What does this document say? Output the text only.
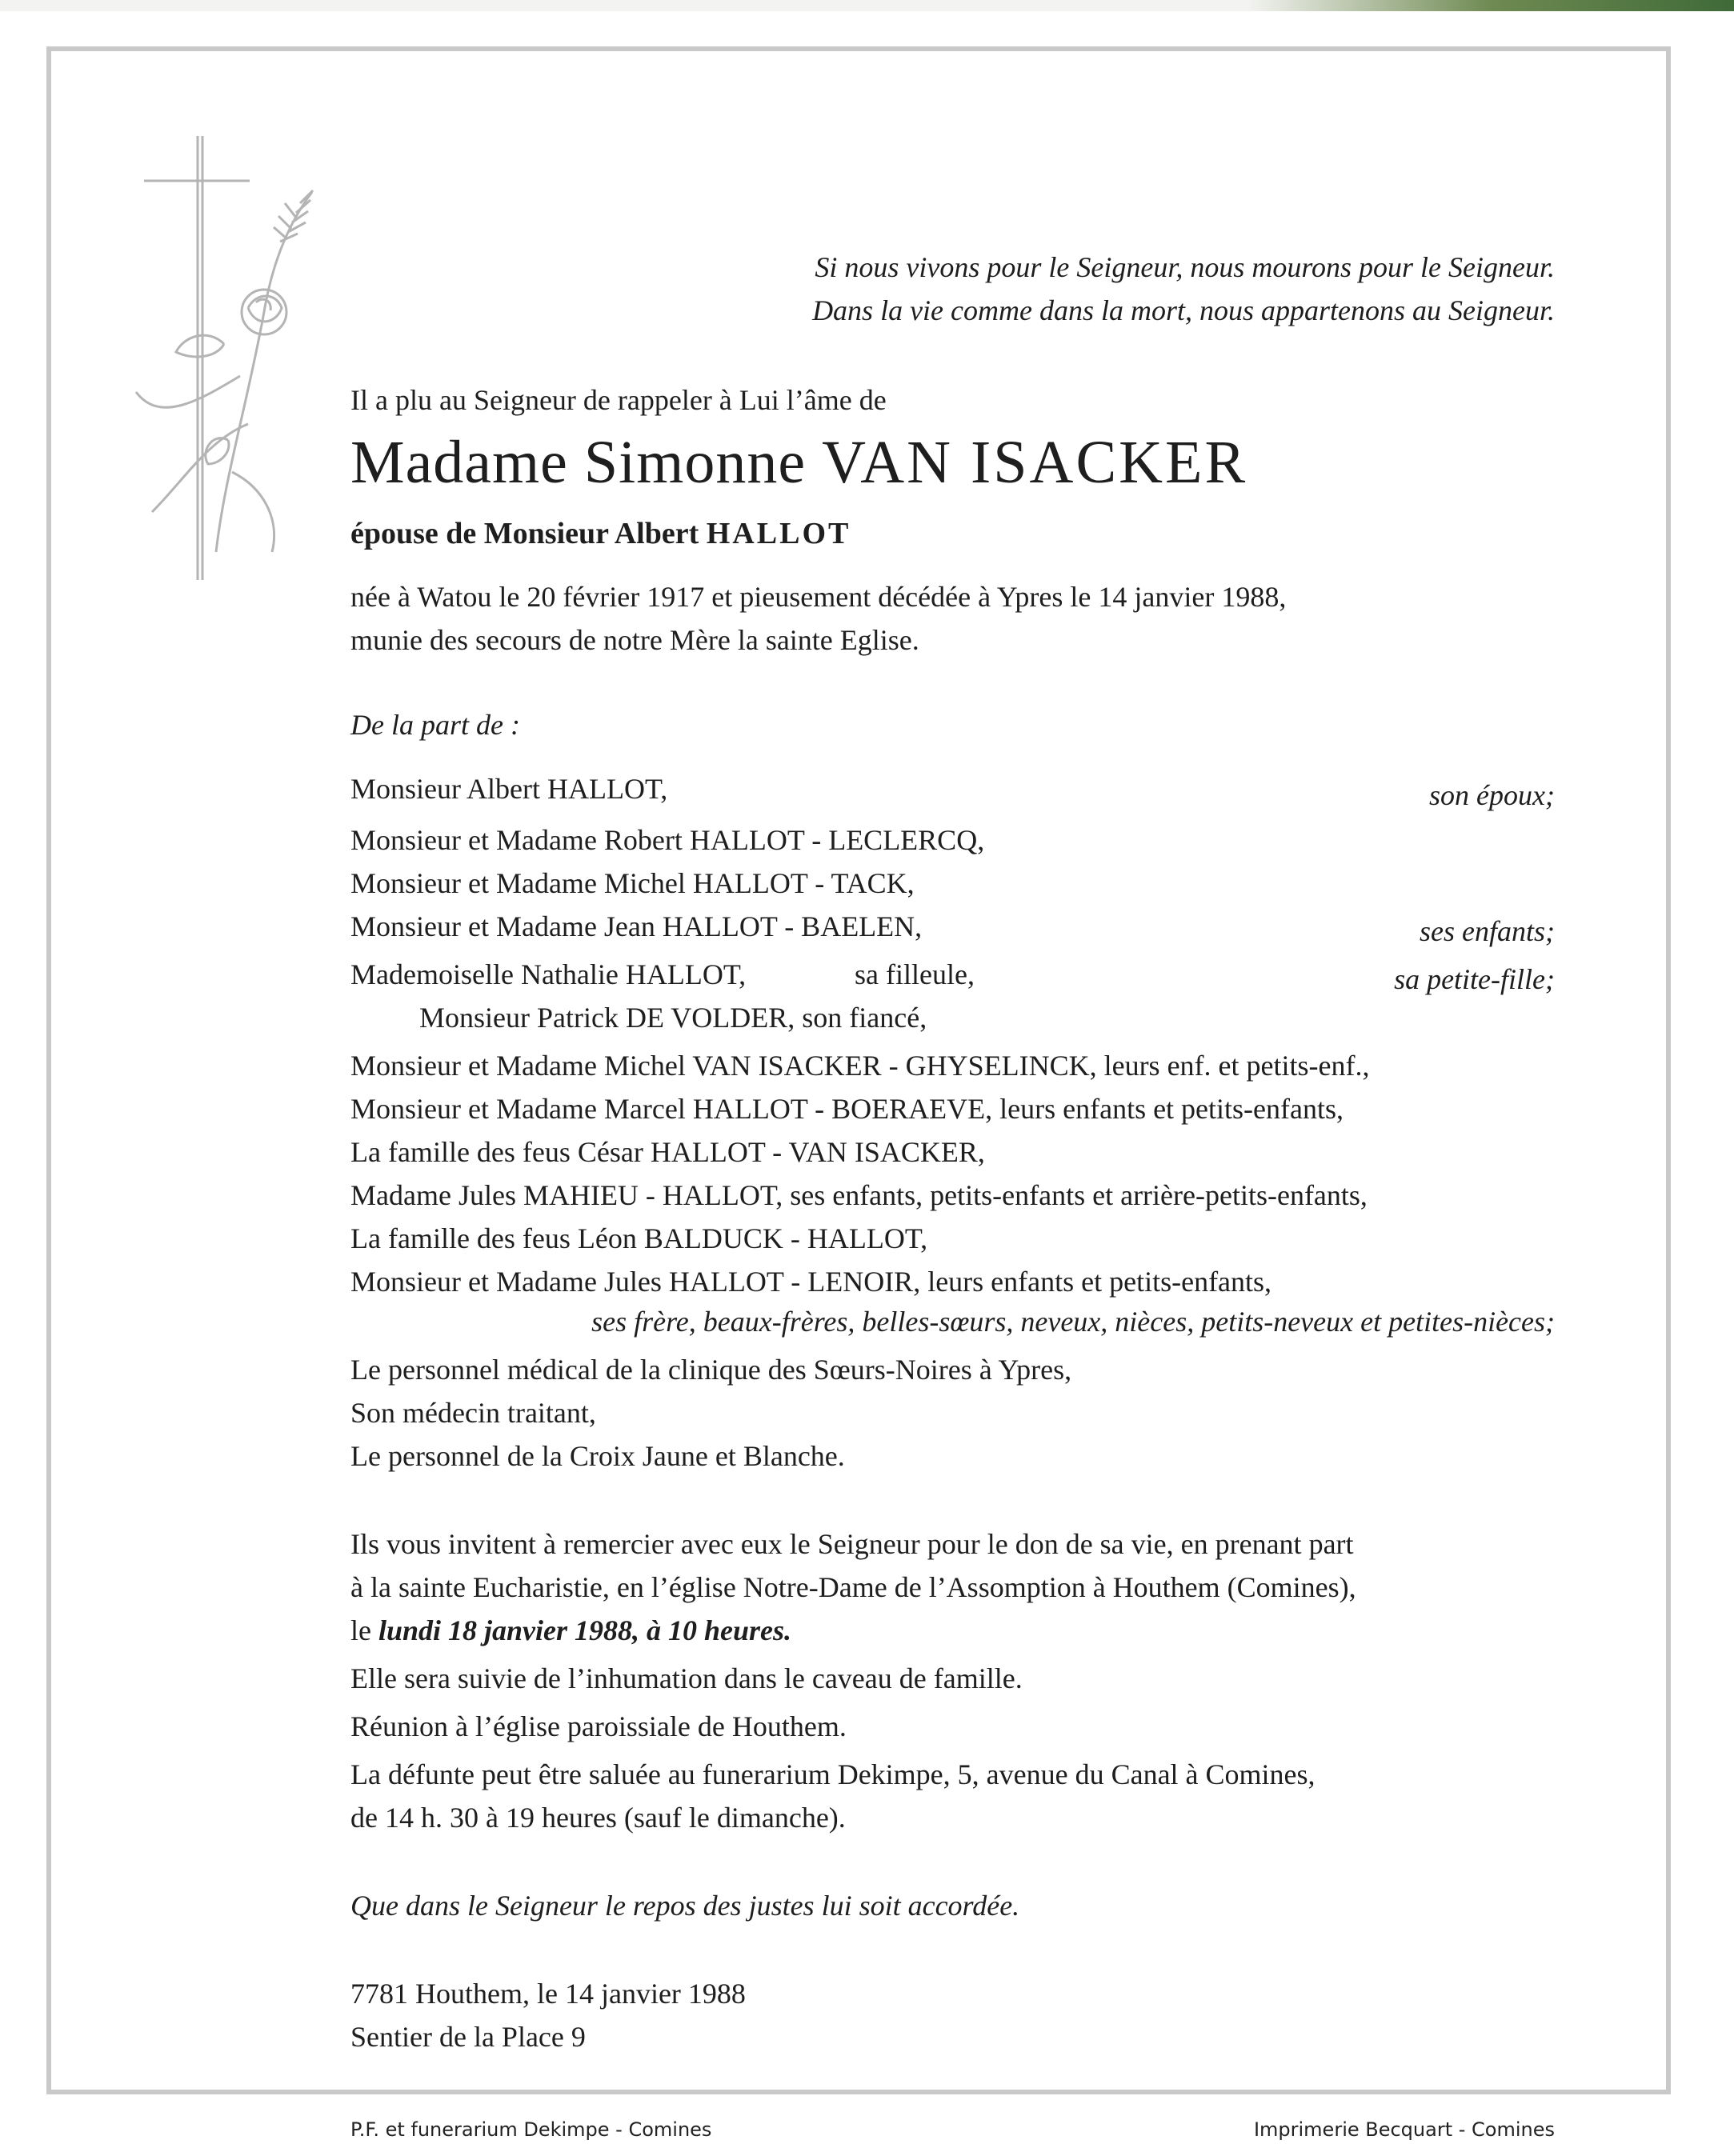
Si nous vivons pour le Seigneur, nous mourons pour le Seigneur.
Dans la vie comme dans la mort, nous appartenons au Seigneur.
Il a plu au Seigneur de rappeler à Lui l’âme de
Madame Simonne VAN ISACKER
épouse de Monsieur Albert HALLOT
née à Watou le 20 février 1917 et pieusement décédée à Ypres le 14 janvier 1988,
munie des secours de notre Mère la sainte Eglise.
De la part de :
Monsieur Albert HALLOT,	son époux;
Monsieur et Madame Robert HALLOT - LECLERCQ,
Monsieur et Madame Michel HALLOT - TACK,
Monsieur et Madame Jean HALLOT - BAELEN,	ses enfants;
Mademoiselle Nathalie HALLOT,	sa filleule,	sa petite-fille;
Monsieur Patrick DE VOLDER, son fiancé,
Monsieur et Madame Michel VAN ISACKER - GHYSELINCK, leurs enf. et petits-enf.,
Monsieur et Madame Marcel HALLOT - BOERAEVE, leurs enfants et petits-enfants,
La famille des feus César HALLOT - VAN ISACKER,
Madame Jules MAHIEU - HALLOT, ses enfants, petits-enfants et arrière-petits-enfants,
La famille des feus Léon BALDUCK - HALLOT,
Monsieur et Madame Jules HALLOT - LENOIR, leurs enfants et petits-enfants,
ses frère, beaux-frères, belles-sœurs, neveux, nièces, petits-neveux et petites-nièces;
Le personnel médical de la clinique des Sœurs-Noires à Ypres,
Son médecin traitant,
Le personnel de la Croix Jaune et Blanche.
Ils vous invitent à remercier avec eux le Seigneur pour le don de sa vie, en prenant part
à la sainte Eucharistie, en l’église Notre-Dame de l’Assomption à Houthem (Comines),
le lundi 18 janvier 1988, à 10 heures.
Elle sera suivie de l’inhumation dans le caveau de famille.
Réunion à l’église paroissiale de Houthem.
La défunte peut être saluée au funerarium Dekimpe, 5, avenue du Canal à Comines,
de 14 h. 30 à 19 heures (sauf le dimanche).
Que dans le Seigneur le repos des justes lui soit accordée.
7781 Houthem, le 14 janvier 1988
Sentier de la Place 9
P.F. et funerarium Dekimpe - Comines	Imprimerie Becquart - Comines
